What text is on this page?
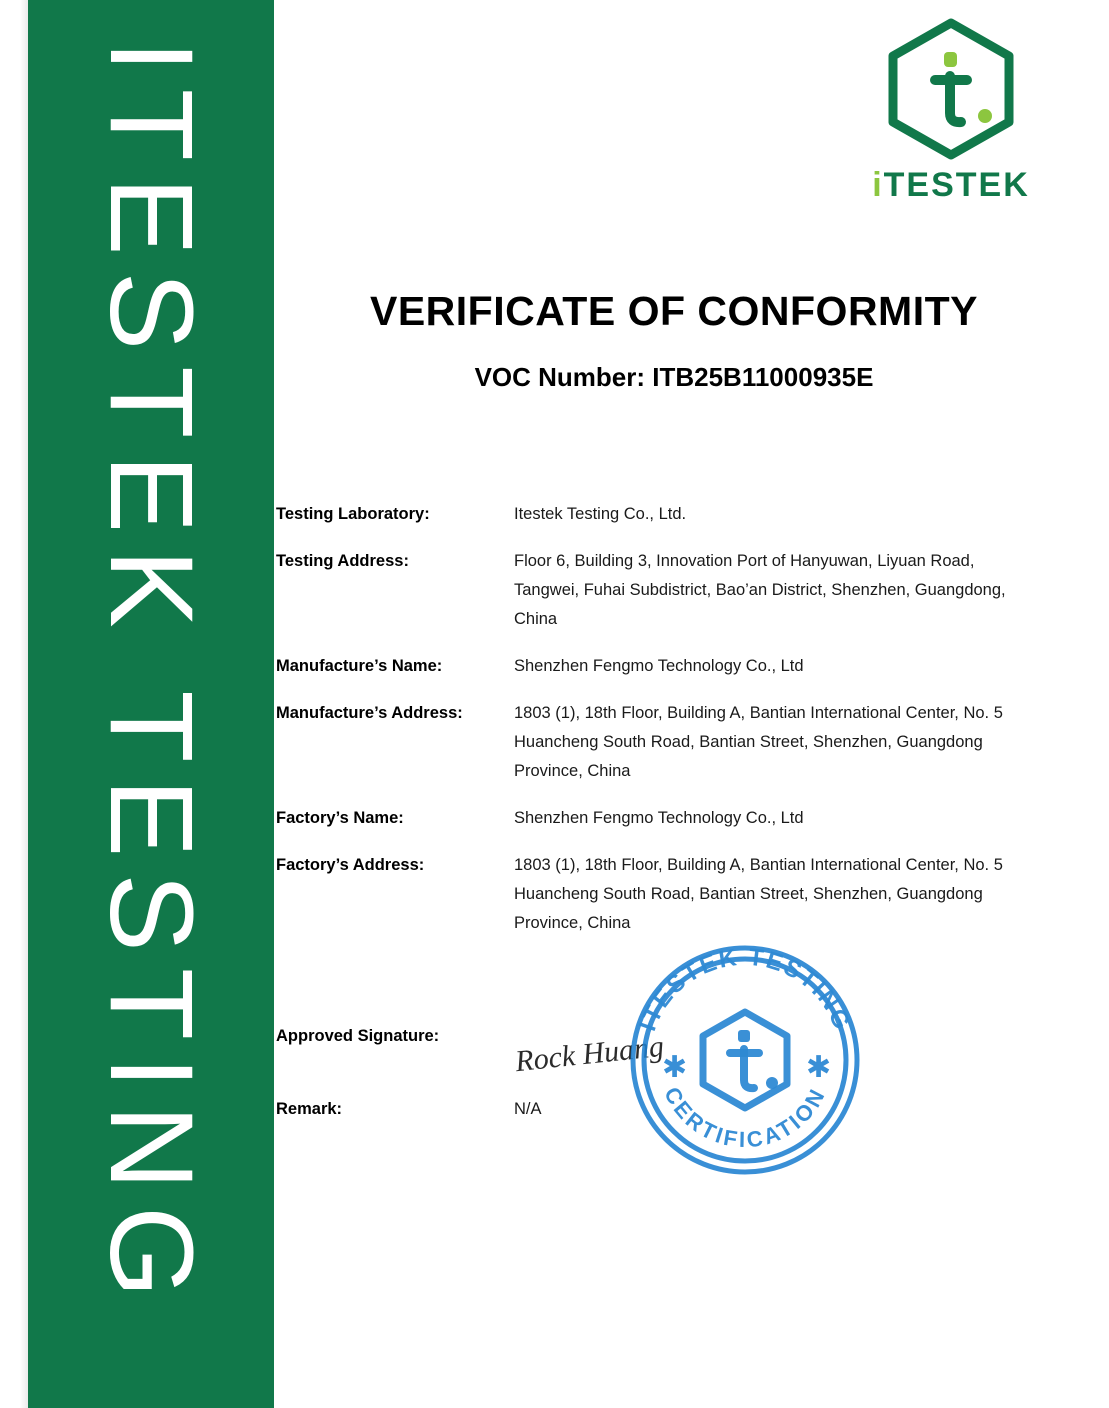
ITESTEK TESTING	iTESTEK
VERIFICATE OF CONFORMITY
VOC Number: ITB25B11000935E
Testing Laboratory:	Itestek Testing Co., Ltd.
Testing Address:	Floor 6, Building 3, Innovation Port of Hanyuwan, Liyuan Road, Tangwei, Fuhai Subdistrict, Bao’an District, Shenzhen, Guangdong, China
Manufacture’s Name:	Shenzhen Fengmo Technology Co., Ltd
Manufacture’s Address:	1803 (1), 18th Floor, Building A, Bantian International Center, No. 5 Huancheng South Road, Bantian Street, Shenzhen, Guangdong Province, China
Factory’s Name:	Shenzhen Fengmo Technology Co., Ltd
Factory’s Address:	1803 (1), 18th Floor, Building A, Bantian International Center, No. 5 Huancheng South Road, Bantian Street, Shenzhen, Guangdong Province, China
Approved Signature:	Rock Huang
Remark:	N/A
ITESTEK TESTING
CERTIFICATION
✱	✱
